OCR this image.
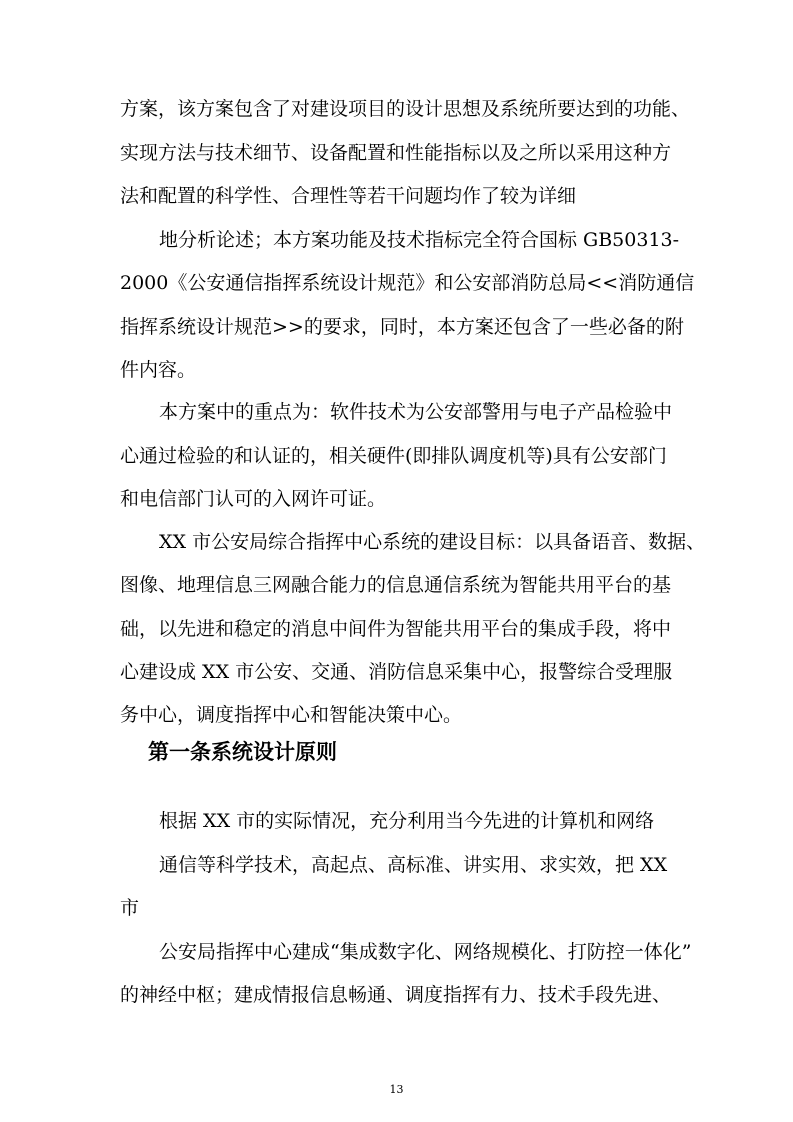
方案，该方案包含了对建设项目的设计思想及系统所要达到的功能、
实现方法与技术细节、设备配置和性能指标以及之所以采用这种方
法和配置的科学性、合理性等若干问题均作了较为详细
地分析论述；本方案功能及技术指标完全符合国标 GB50313-
2000《公安通信指挥系统设计规范》和公安部消防总局<<消防通信
指挥系统设计规范>>的要求，同时，本方案还包含了一些必备的附
件内容。
本方案中的重点为：软件技术为公安部警用与电子产品检验中
心通过检验的和认证的，相关硬件(即排队调度机等)具有公安部门
和电信部门认可的入网许可证。
XX 市公安局综合指挥中心系统的建设目标：以具备语音、数据、
图像、地理信息三网融合能力的信息通信系统为智能共用平台的基
础，以先进和稳定的消息中间件为智能共用平台的集成手段，将中
心建设成 XX 市公安、交通、消防信息采集中心，报警综合受理服
务中心，调度指挥中心和智能决策中心。
第一条系统设计原则
根据 XX 市的实际情况，充分利用当今先进的计算机和网络
通信等科学技术，高起点、高标准、讲实用、求实效，把 XX
市
公安局指挥中心建成“集成数字化、网络规模化、打防控一体化”
的神经中枢；建成情报信息畅通、调度指挥有力、技术手段先进、
13
